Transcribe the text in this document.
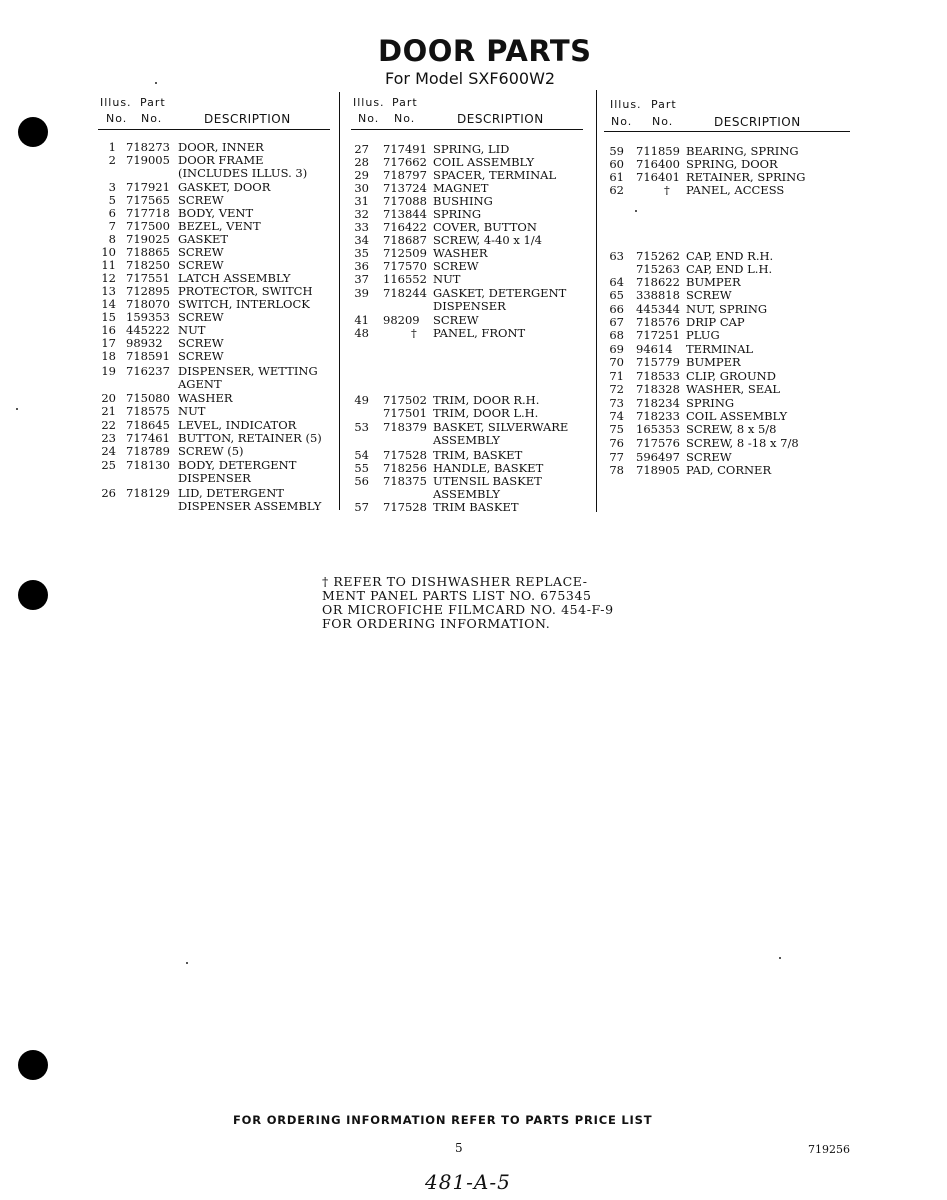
DOOR PARTS
For Model SXF600W2
Illus. Part
No. No.	DESCRIPTION
Illus. Part
No. No.	DESCRIPTION
Illus. Part
No. No.	DESCRIPTION
1 718273 DOOR, INNER
2 719005 DOOR FRAME
(INCLUDES ILLUS. 3)
3 717921 GASKET, DOOR
5 717565 SCREW
6 717718 BODY, VENT
7 717500 BEZEL, VENT
8 719025 GASKET
10 718865 SCREW
11 718250 SCREW
12 717551 LATCH ASSEMBLY
13 712895 PROTECTOR, SWITCH
14 718070 SWITCH, INTERLOCK
15 159353 SCREW
16 445222 NUT
17 98932 SCREW
18 718591 SCREW
19 716237 DISPENSER, WETTING
AGENT
20 715080 WASHER
21 718575 NUT
22 718645 LEVEL, INDICATOR
23 717461 BUTTON, RETAINER (5)
24 718789 SCREW (5)
25 718130 BODY, DETERGENT
DISPENSER
26 718129 LID, DETERGENT
DISPENSER ASSEMBLY
27 717491 SPRING, LID
28 717662 COIL ASSEMBLY
29 718797 SPACER, TERMINAL
30 713724 MAGNET
31 717088 BUSHING
32 713844 SPRING
33 716422 COVER, BUTTON
34 718687 SCREW, 4-40 x 1/4
35 712509 WASHER
36 717570 SCREW
37 116552 NUT
39 718244 GASKET, DETERGENT
DISPENSER
41 98209 SCREW
48	† PANEL, FRONT
49 717502 TRIM, DOOR R.H.
717501 TRIM, DOOR L.H.
53 718379 BASKET, SILVERWARE
ASSEMBLY
54 717528 TRIM, BASKET
55 718256 HANDLE, BASKET
56 718375 UTENSIL BASKET
ASSEMBLY
57 717528 TRIM BASKET
59 711859 BEARING, SPRING
60 716400 SPRING, DOOR
61 716401 RETAINER, SPRING
62	† PANEL, ACCESS
63 715262 CAP, END R.H.
715263 CAP, END L.H.
64 718622 BUMPER
65 338818 SCREW
66 445344 NUT, SPRING
67 718576 DRIP CAP
68 717251 PLUG
69 94614 TERMINAL
70 715779 BUMPER
71 718533 CLIP, GROUND
72 718328 WASHER, SEAL
73 718234 SPRING
74 718233 COIL ASSEMBLY
75 165353 SCREW, 8 x 5/8
76 717576 SCREW, 8 -18 x 7/8
77 596497 SCREW
78 718905 PAD, CORNER
† REFER TO DISHWASHER REPLACE-
MENT PANEL PARTS LIST NO. 675345
OR MICROFICHE FILMCARD NO. 454-F-9
FOR ORDERING INFORMATION.
FOR ORDERING INFORMATION REFER TO PARTS PRICE LIST
5	719256
481-A-5
